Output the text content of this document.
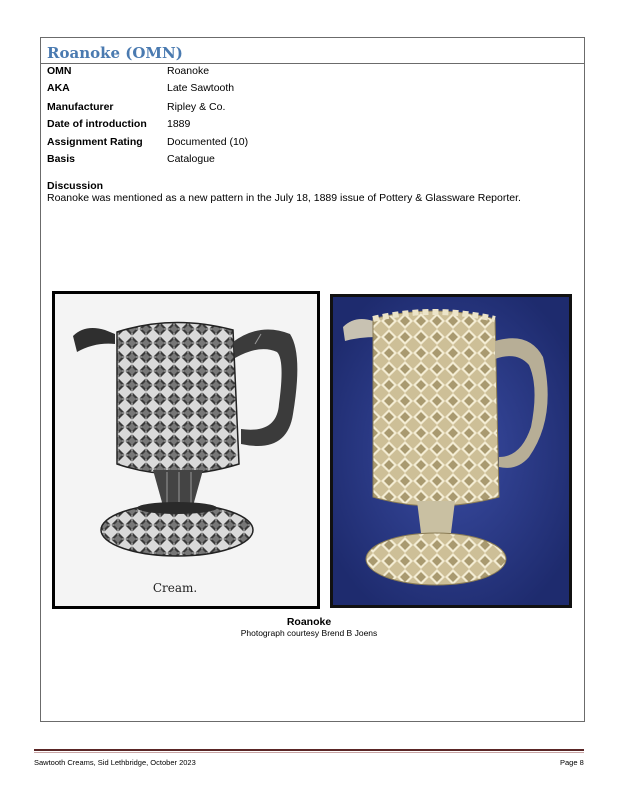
Roanoke (OMN)
OMN	Roanoke
AKA	Late Sawtooth
Manufacturer	Ripley & Co.
Date of introduction 1889
Assignment Rating Documented (10)
Basis	Catalogue
Discussion
Roanoke was mentioned as a new pattern in the July 18, 1889 issue of Pottery & Glassware Reporter.
Cream.
Roanoke
Photograph courtesy Brend B Joens
Sawtooth Creams, Sid Lethbridge, October 2023	Page 8
